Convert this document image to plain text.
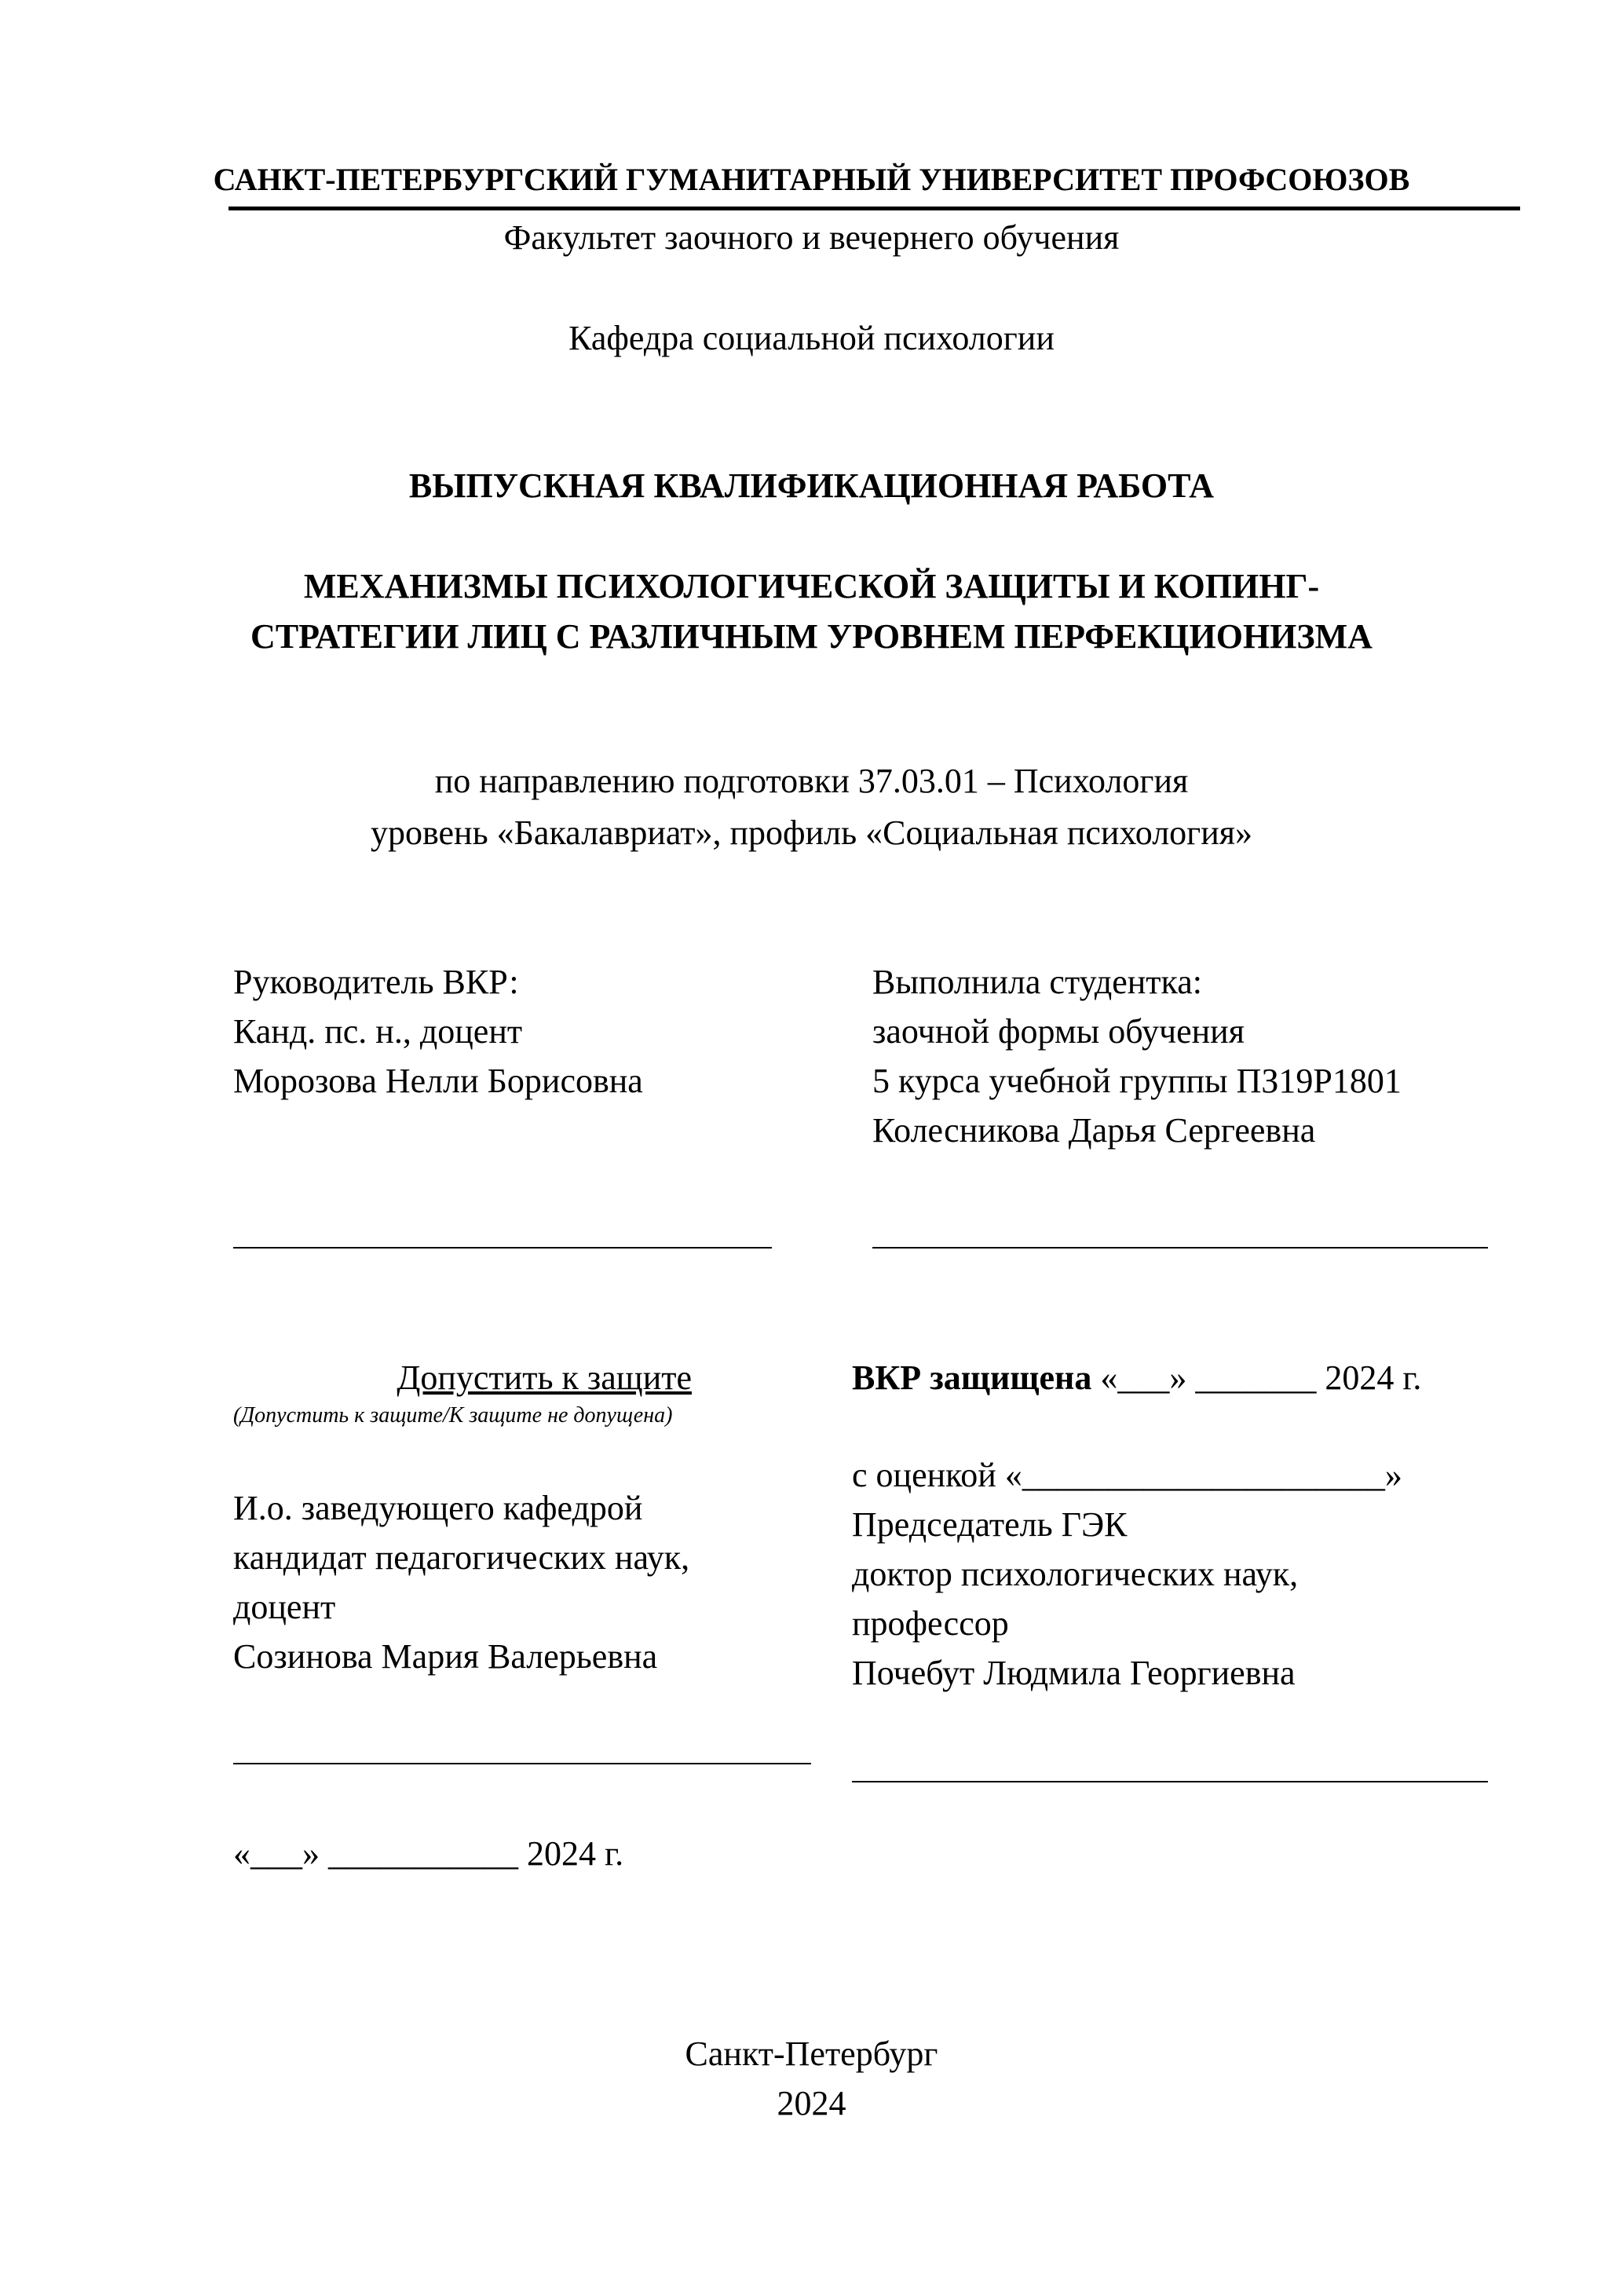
САНКТ-ПЕТЕРБУРГСКИЙ ГУМАНИТАРНЫЙ УНИВЕРСИТЕТ ПРОФСОЮЗОВ
Факультет заочного и вечернего обучения
Кафедра социальной психологии
ВЫПУСКНАЯ КВАЛИФИКАЦИОННАЯ РАБОТА
МЕХАНИЗМЫ ПСИХОЛОГИЧЕСКОЙ ЗАЩИТЫ И КОПИНГ-
СТРАТЕГИИ ЛИЦ С РАЗЛИЧНЫМ УРОВНЕМ ПЕРФЕКЦИОНИЗМА
по направлению подготовки 37.03.01 – Психология
уровень «Бакалавриат», профиль «Социальная психология»
Руководитель ВКР:
Канд. пс. н., доцент
Морозова Нелли Борисовна
Выполнила студентка:
заочной формы обучения
5 курса учебной группы ПЗ19Р1801
Колесникова Дарья Сергеевна
Допустить к защите
(Допустить к защите/К защите не допущена)
И.о. заведующего кафедрой
кандидат педагогических наук,
доцент
Созинова Мария Валерьевна
«___» ___________ 2024 г.
ВКР защищена «___» _______ 2024 г.
с оценкой «_____________________»
Председатель ГЭК
доктор психологических наук,
профессор
Почебут Людмила Георгиевна
Санкт-Петербург
2024
